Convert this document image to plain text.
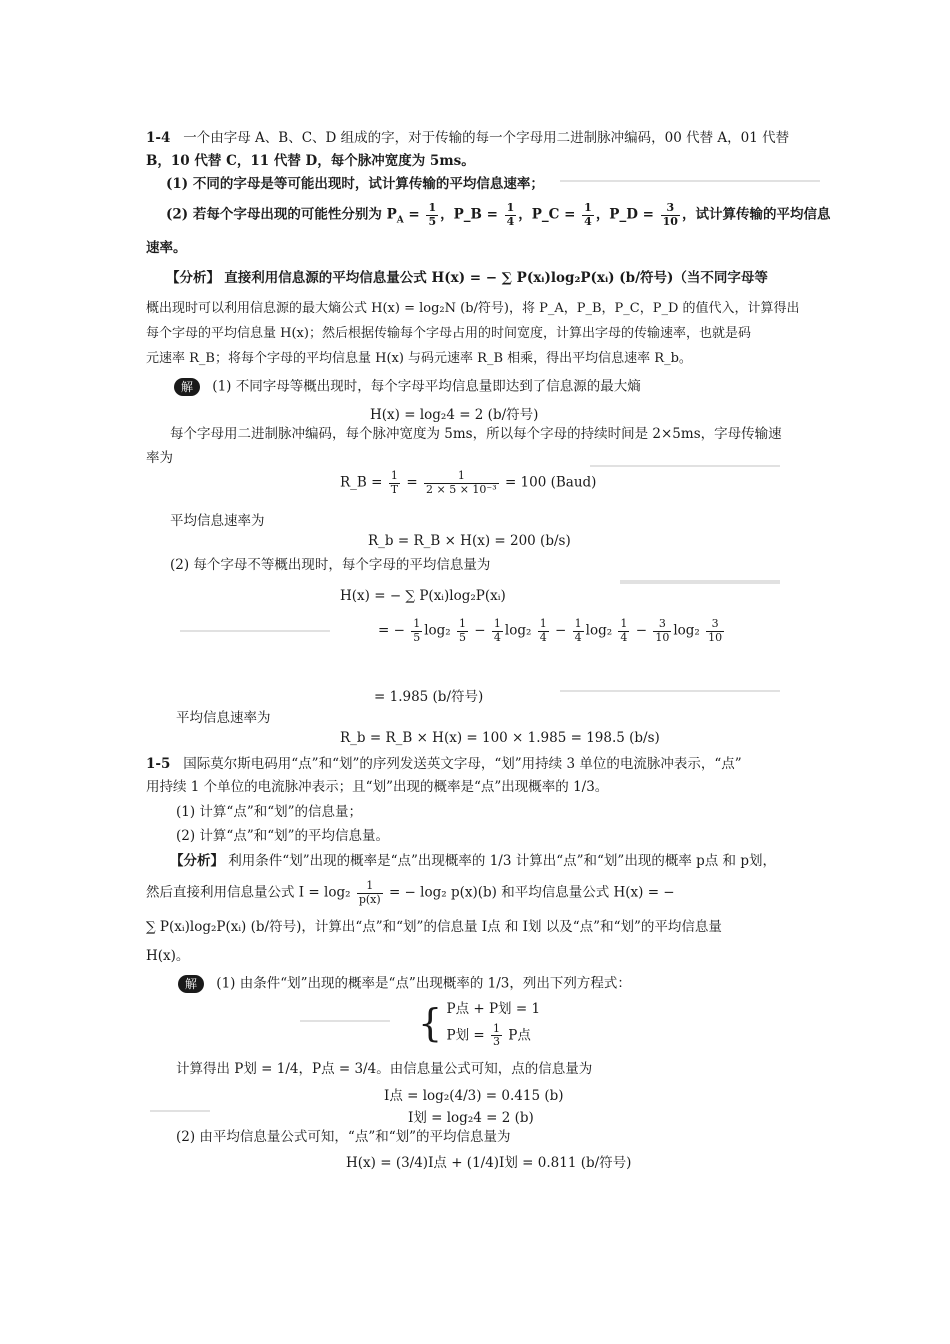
1-4 一个由字母 A、B、C、D 组成的字，对于传输的每一个字母用二进制脉冲编码，00 代替 A，01 代替
B，10 代替 C，11 代替 D，每个脉冲宽度为 5ms。
(1) 不同的字母是等可能出现时，试计算传输的平均信息速率；
(2) 若每个字母出现的可能性分别为 $P_A = \frac{1}{5}$ ，P_B = $\frac{1}{4}$ ，P_C = $\frac{1}{4}$ ，P_D = $\frac{3}{10}$ ，试计算传输的平均信息
速率。
【分析】 直接利用信息源的平均信息量公式 H(x) = − ∑ P(xᵢ)log₂P(xᵢ) (b/符号)（当不同字母等
概出现时可以利用信息源的最大熵公式 H(x) = log₂N (b/符号)，将 P_A，P_B，P_C，P_D 的值代入，计算得出
每个字母的平均信息量 H(x)；然后根据传输每个字母占用的时间宽度，计算出字母的传输速率，也就是码
元速率 R_B；将每个字母的平均信息量 H(x) 与码元速率 R_B 相乘，得出平均信息速率 R_b。
解 (1) 不同字母等概出现时，每个字母平均信息量即达到了信息源的最大熵
H(x) = log₂4 = 2 (b/符号)
每个字母用二进制脉冲编码，每个脉冲宽度为 5ms，所以每个字母的持续时间是 2×5ms，字母传输速
率为
R_B = $\frac{1}{T} = \frac{1}{\text{2 × 5 × 10⁻³}} = 100$ (Baud)
平均信息速率为
R_b = R_B × H(x) = 200 (b/s)
(2) 每个字母不等概出现时，每个字母的平均信息量为
H(x) = − ∑ P(xᵢ)log₂P(xᵢ)
= − $\frac{1}{5} \log_2 \frac{1}{5} - \frac{1}{4} \log_2 \frac{1}{4} - \frac{1}{4} \log_2 \frac{1}{4} - \frac{3}{10} \log_2 \frac{3}{10}$
= 1.985 (b/符号)
平均信息速率为
R_b = R_B × H(x) = 100 × 1.985 = 198.5 (b/s)
1-5 国际莫尔斯电码用“点”和“划”的序列发送英文字母，“划”用持续 3 单位的电流脉冲表示，“点”
用持续 1 个单位的电流脉冲表示；且“划”出现的概率是“点”出现概率的 1/3。
(1) 计算“点”和“划”的信息量；
(2) 计算“点”和“划”的平均信息量。
【分析】 利用条件“划”出现的概率是“点”出现概率的 1/3 计算出“点”和“划”出现的概率 p点 和 p划，
然后直接利用信息量公式 $I = \log_2 \frac{1}{p(x)}$ = − log₂ p(x)(b) 和平均信息量公式 H(x) = −
∑ P(xᵢ)log₂P(xᵢ) (b/符号)，计算出“点”和“划”的信息量 I点 和 I划 以及“点”和“划”的平均信息量
H(x)。
解 (1) 由条件“划”出现的概率是“点”出现概率的 1/3，列出下列方程式：
{ P点 + P划 = 1
P划 = $\frac{1}{3}$ P点
计算得出 P划 = 1/4，P点 = 3/4。由信息量公式可知，点的信息量为
I点 = log₂(4/3) = 0.415 (b)
I划 = log₂4 = 2 (b)
(2) 由平均信息量公式可知，“点”和“划”的平均信息量为
H(x) = (3/4)I点 + (1/4)I划 = 0.811 (b/符号)
